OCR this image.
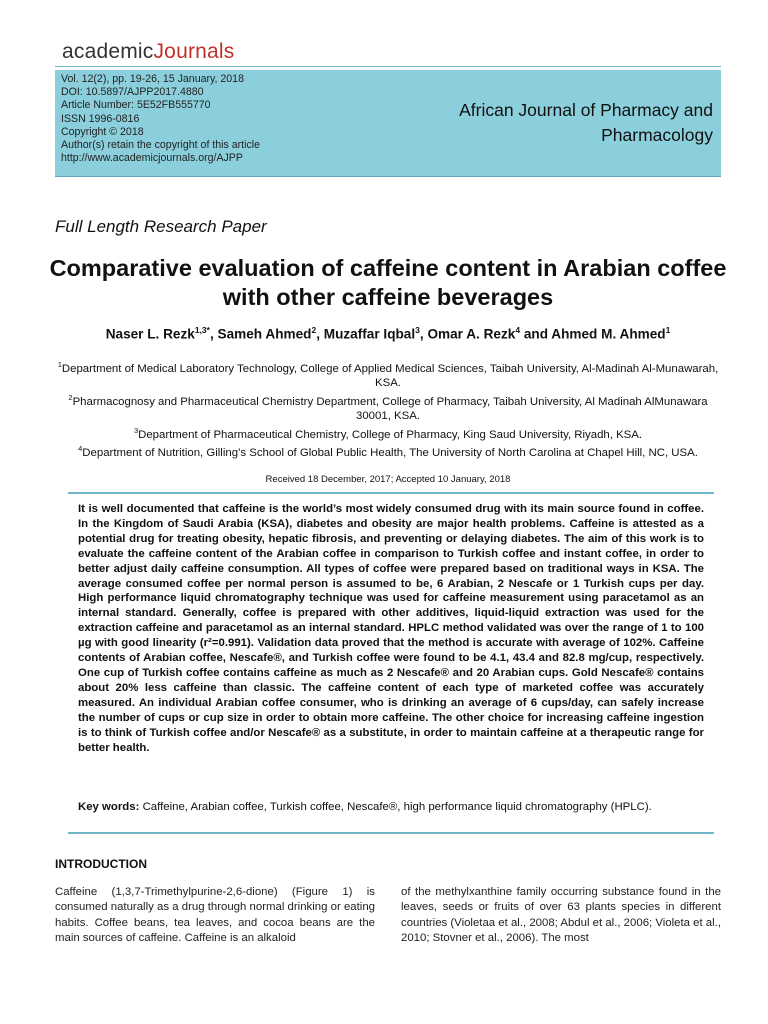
academicJournals
Vol. 12(2), pp. 19-26, 15 January, 2018
DOI: 10.5897/AJPP2017.4880
Article Number: 5E52FB555770
ISSN 1996-0816
Copyright © 2018
Author(s) retain the copyright of this article
http://www.academicjournals.org/AJPP
African Journal of Pharmacy and
Pharmacology
Full Length Research Paper
Comparative evaluation of caffeine content in Arabian coffee with other caffeine beverages
Naser L. Rezk$^{1,3*}$, Sameh Ahmed$^2$, Muzaffar Iqbal$^3$, Omar A. Rezk$^4$ and Ahmed M. Ahmed$^1$
$^1$Department of Medical Laboratory Technology, College of Applied Medical Sciences, Taibah University, Al-Madinah Al-Munawarah, KSA.
$^2$Pharmacognosy and Pharmaceutical Chemistry Department, College of Pharmacy, Taibah University, Al Madinah AlMunawara 30001, KSA.
$^3$Department of Pharmaceutical Chemistry, College of Pharmacy, King Saud University, Riyadh, KSA.
$^4$Department of Nutrition, Gilling’s School of Global Public Health, The University of North Carolina at Chapel Hill, NC, USA.
Received 18 December, 2017; Accepted 10 January, 2018
It is well documented that caffeine is the world’s most widely consumed drug with its main source found in coffee. In the Kingdom of Saudi Arabia (KSA), diabetes and obesity are major health problems. Caffeine is attested as a potential drug for treating obesity, hepatic fibrosis, and preventing or delaying diabetes. The aim of this work is to evaluate the caffeine content of the Arabian coffee in comparison to Turkish coffee and instant coffee, in order to better adjust daily caffeine consumption. All types of coffee were prepared based on traditional ways in KSA. The average consumed coffee per normal person is assumed to be, 6 Arabian, 2 Nescafe or 1 Turkish cups per day. High performance liquid chromatography technique was used for caffeine measurement using paracetamol as an internal standard. Generally, coffee is prepared with other additives, liquid-liquid extraction was used for the extraction caffeine and paracetamol as an internal standard. HPLC method validated was over the range of 1 to 100 µg with good linearity (r²=0.991). Validation data proved that the method is accurate with average of 102%. Caffeine contents of Arabian coffee, Nescafe®, and Turkish coffee were found to be 4.1, 43.4 and 82.8 mg/cup, respectively. One cup of Turkish coffee contains caffeine as much as 2 Nescafe® and 20 Arabian cups. Gold Nescafe® contains about 20% less caffeine than classic. The caffeine content of each type of marketed coffee was accurately measured. An individual Arabian coffee consumer, who is drinking an average of 6 cups/day, can safely increase the number of cups or cup size in order to obtain more caffeine. The other choice for increasing caffeine ingestion is to think of Turkish coffee and/or Nescafe® as a substitute, in order to maintain caffeine at a therapeutic range for better health.
Key words: Caffeine, Arabian coffee, Turkish coffee, Nescafe®, high performance liquid chromatography (HPLC).
INTRODUCTION
Caffeine (1,3,7-Trimethylpurine-2,6-dione) (Figure 1) is consumed naturally as a drug through normal drinking or eating habits. Coffee beans, tea leaves, and cocoa beans are the main sources of caffeine. Caffeine is an alkaloid
of the methylxanthine family occurring substance found in the leaves, seeds or fruits of over 63 plants species in different countries (Violetaa et al., 2008; Abdul et al., 2006; Violeta et al., 2010; Stovner et al., 2006). The most
